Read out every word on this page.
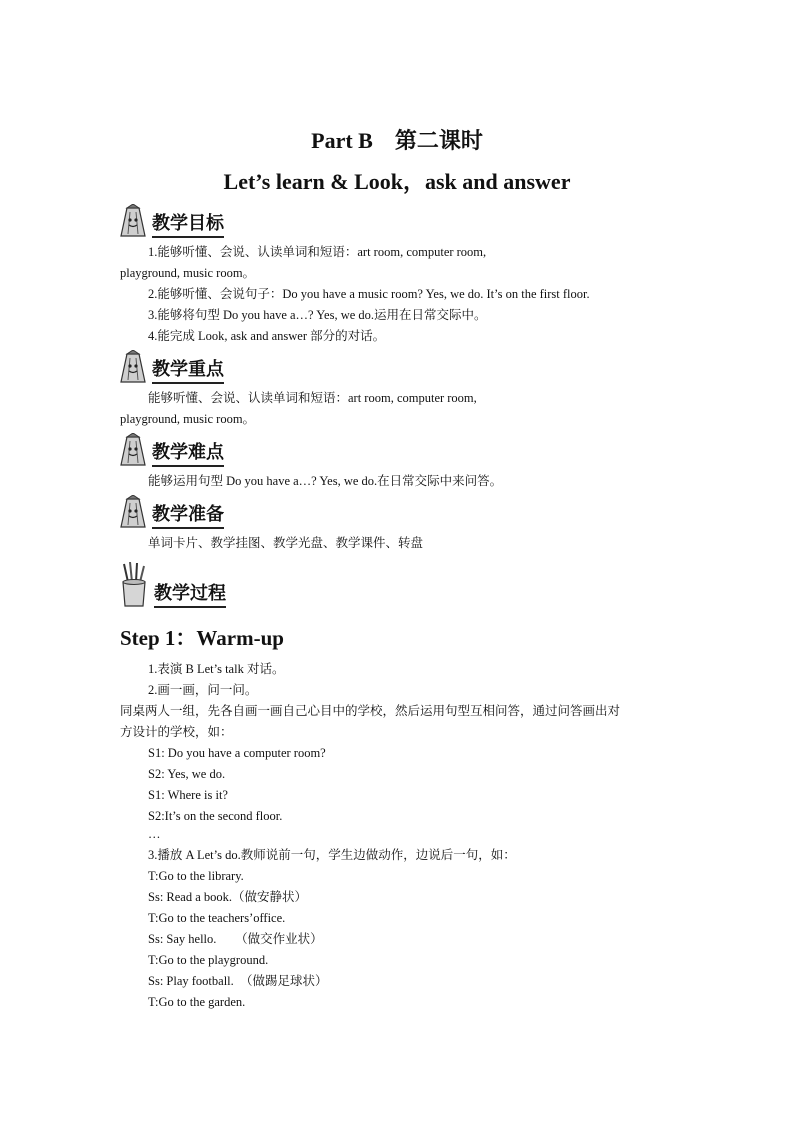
Part B　第二课时
Let’s learn & Look，ask and answer
教学目标
1.能够听懂、会说、认读单词和短语：art room, computer room,
playground, music room。
2.能够听懂、会说句子：Do you have a music room? Yes, we do. It’s on the first floor.
3.能够将句型 Do you have a…? Yes, we do.运用在日常交际中。
4.能完成 Look, ask and answer 部分的对话。
教学重点
能够听懂、会说、认读单词和短语：art room, computer room,
playground, music room。
教学难点
能够运用句型 Do you have a…? Yes, we do.在日常交际中来问答。
教学准备
单词卡片、教学挂图、教学光盘、教学课件、转盘
教学过程
Step 1：Warm-up
1.表演 B Let’s talk 对话。
2.画一画，问一问。
同桌两人一组，先各自画一画自己心目中的学校，然后运用句型互相问答，通过问答画出对
方设计的学校，如：
S1: Do you have a computer room?
S2: Yes, we do.
S1: Where is it?
S2:It’s on the second floor.
…
3.播放 A Let’s do.教师说前一句，学生边做动作，边说后一句，如：
T:Go to the library.
Ss: Read a book.（做安静状）
T:Go to the teachers’office.
Ss: Say hello.　　（做交作业状）
T:Go to the playground.
Ss: Play football.　（做踢足球状）
T:Go to the garden.
